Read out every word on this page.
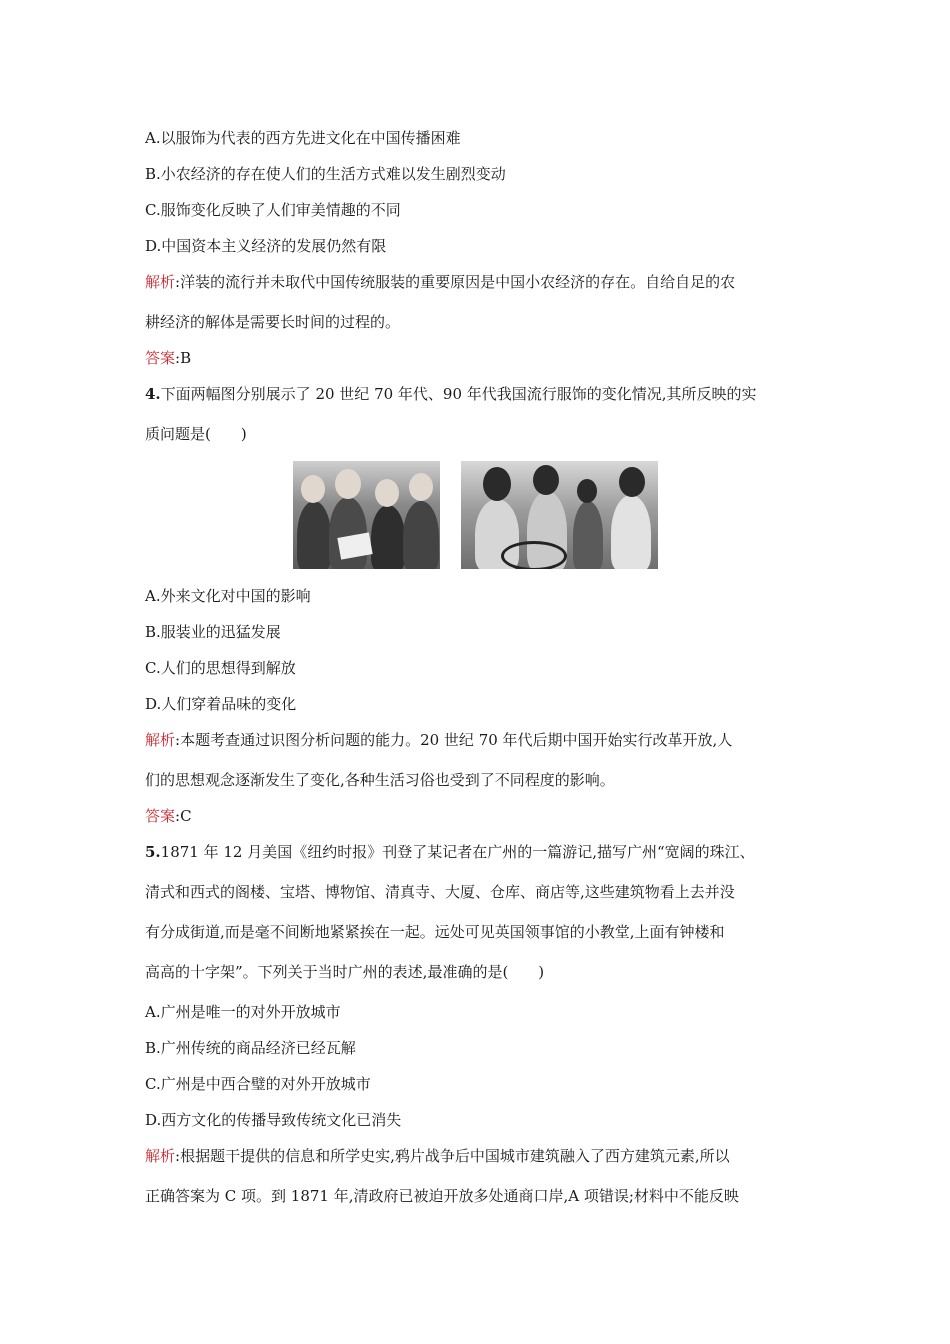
A.以服饰为代表的西方先进文化在中国传播困难
B.小农经济的存在使人们的生活方式难以发生剧烈变动
C.服饰变化反映了人们审美情趣的不同
D.中国资本主义经济的发展仍然有限
解析:洋装的流行并未取代中国传统服装的重要原因是中国小农经济的存在。自给自足的农
耕经济的解体是需要长时间的过程的。
答案:B
4.下面两幅图分别展示了 20 世纪 70 年代、90 年代我国流行服饰的变化情况,其所反映的实
质问题是(　　)
A.外来文化对中国的影响
B.服装业的迅猛发展
C.人们的思想得到解放
D.人们穿着品味的变化
解析:本题考查通过识图分析问题的能力。20 世纪 70 年代后期中国开始实行改革开放,人
们的思想观念逐渐发生了变化,各种生活习俗也受到了不同程度的影响。
答案:C
5.1871 年 12 月美国《纽约时报》刊登了某记者在广州的一篇游记,描写广州“宽阔的珠江、
清式和西式的阁楼、宝塔、博物馆、清真寺、大厦、仓库、商店等,这些建筑物看上去并没
有分成街道,而是毫不间断地紧紧挨在一起。远处可见英国领事馆的小教堂,上面有钟楼和
高高的十字架”。下列关于当时广州的表述,最准确的是(　　)
A.广州是唯一的对外开放城市
B.广州传统的商品经济已经瓦解
C.广州是中西合璧的对外开放城市
D.西方文化的传播导致传统文化已消失
解析:根据题干提供的信息和所学史实,鸦片战争后中国城市建筑融入了西方建筑元素,所以
正确答案为 C 项。到 1871 年,清政府已被迫开放多处通商口岸,A 项错误;材料中不能反映
